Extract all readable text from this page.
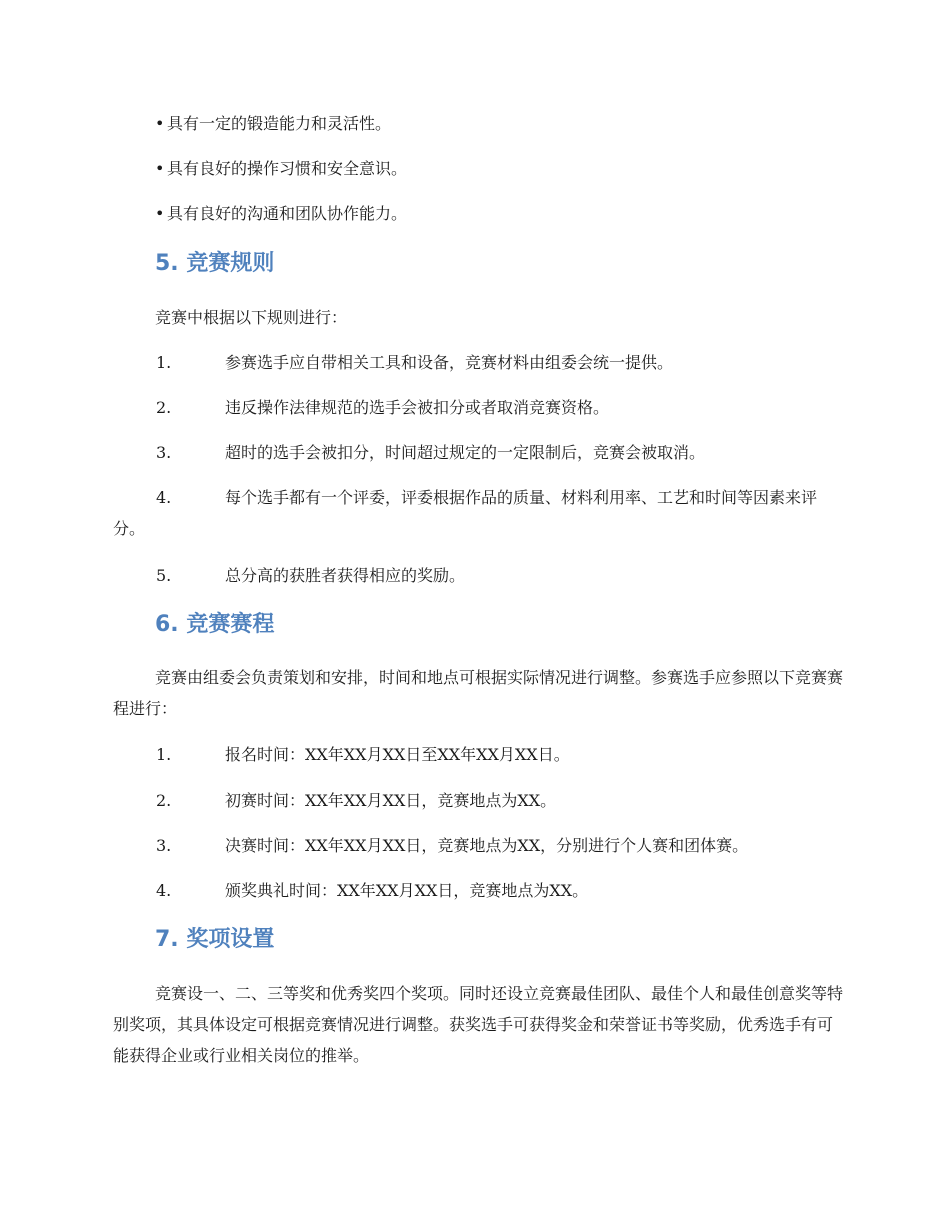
• 具有一定的锻造能力和灵活性。
• 具有良好的操作习惯和安全意识。
• 具有良好的沟通和团队协作能力。
5. 竞赛规则
竞赛中根据以下规则进行：
1.	参赛选手应自带相关工具和设备，竞赛材料由组委会统一提供。
2.	违反操作法律规范的选手会被扣分或者取消竞赛资格。
3.	超时的选手会被扣分，时间超过规定的一定限制后，竞赛会被取消。
4.	每个选手都有一个评委，评委根据作品的质量、材料利用率、工艺和时间等因素来评分。
5.	总分高的获胜者获得相应的奖励。
6. 竞赛赛程
竞赛由组委会负责策划和安排，时间和地点可根据实际情况进行调整。参赛选手应参照以下竞赛赛程进行：
1.	报名时间：XX年XX月XX日至XX年XX月XX日。
2.	初赛时间：XX年XX月XX日，竞赛地点为XX。
3.	决赛时间：XX年XX月XX日，竞赛地点为XX，分别进行个人赛和团体赛。
4.	颁奖典礼时间：XX年XX月XX日，竞赛地点为XX。
7. 奖项设置
竞赛设一、二、三等奖和优秀奖四个奖项。同时还设立竞赛最佳团队、最佳个人和最佳创意奖等特别奖项，其具体设定可根据竞赛情况进行调整。获奖选手可获得奖金和荣誉证书等奖励，优秀选手有可能获得企业或行业相关岗位的推举。
